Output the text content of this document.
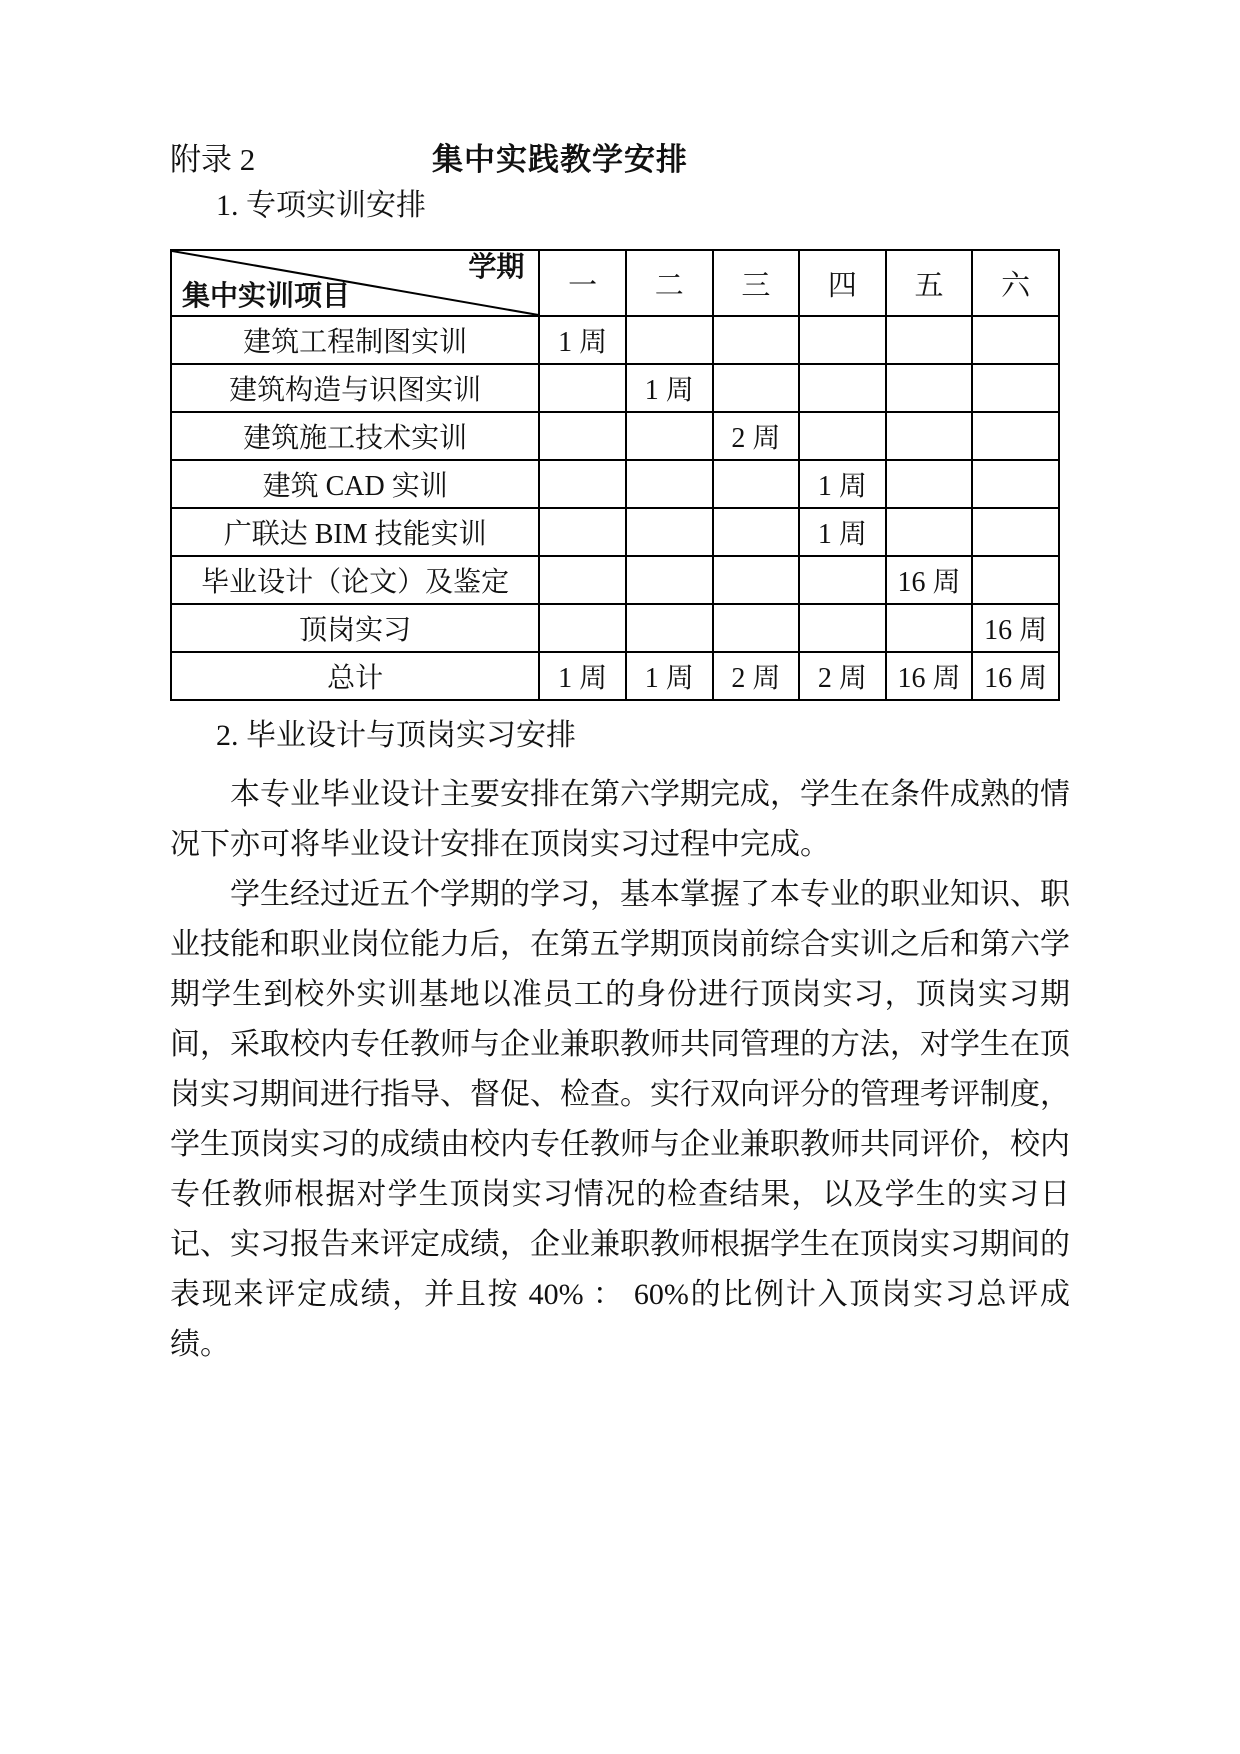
附录 2	集中实践教学安排
1. 专项实训安排
学期
集中实训项目	一	二	三	四	五	六
建筑工程制图实训	1 周					
建筑构造与识图实训		1 周				
建筑施工技术实训			2 周			
建筑 CAD 实训				1 周		
广联达 BIM 技能实训				1 周		
毕业设计（论文）及鉴定					16 周	
顶岗实习						16 周
总计	1 周	1 周	2 周	2 周	16 周	16 周
2. 毕业设计与顶岗实习安排

本专业毕业设计主要安排在第六学期完成，学生在条件成熟的情况下亦可将毕业设计安排在顶岗实习过程中完成。

学生经过近五个学期的学习，基本掌握了本专业的职业知识、职业技能和职业岗位能力后，在第五学期顶岗前综合实训之后和第六学期学生到校外实训基地以准员工的身份进行顶岗实习，顶岗实习期间，采取校内专任教师与企业兼职教师共同管理的方法，对学生在顶岗实习期间进行指导、督促、检查。实行双向评分的管理考评制度，学生顶岗实习的成绩由校内专任教师与企业兼职教师共同评价，校内专任教师根据对学生顶岗实习情况的检查结果，以及学生的实习日记、实习报告来评定成绩，企业兼职教师根据学生在顶岗实习期间的表现来评定成绩，并且按 40% ： 60%的比例计入顶岗实习总评成绩。
